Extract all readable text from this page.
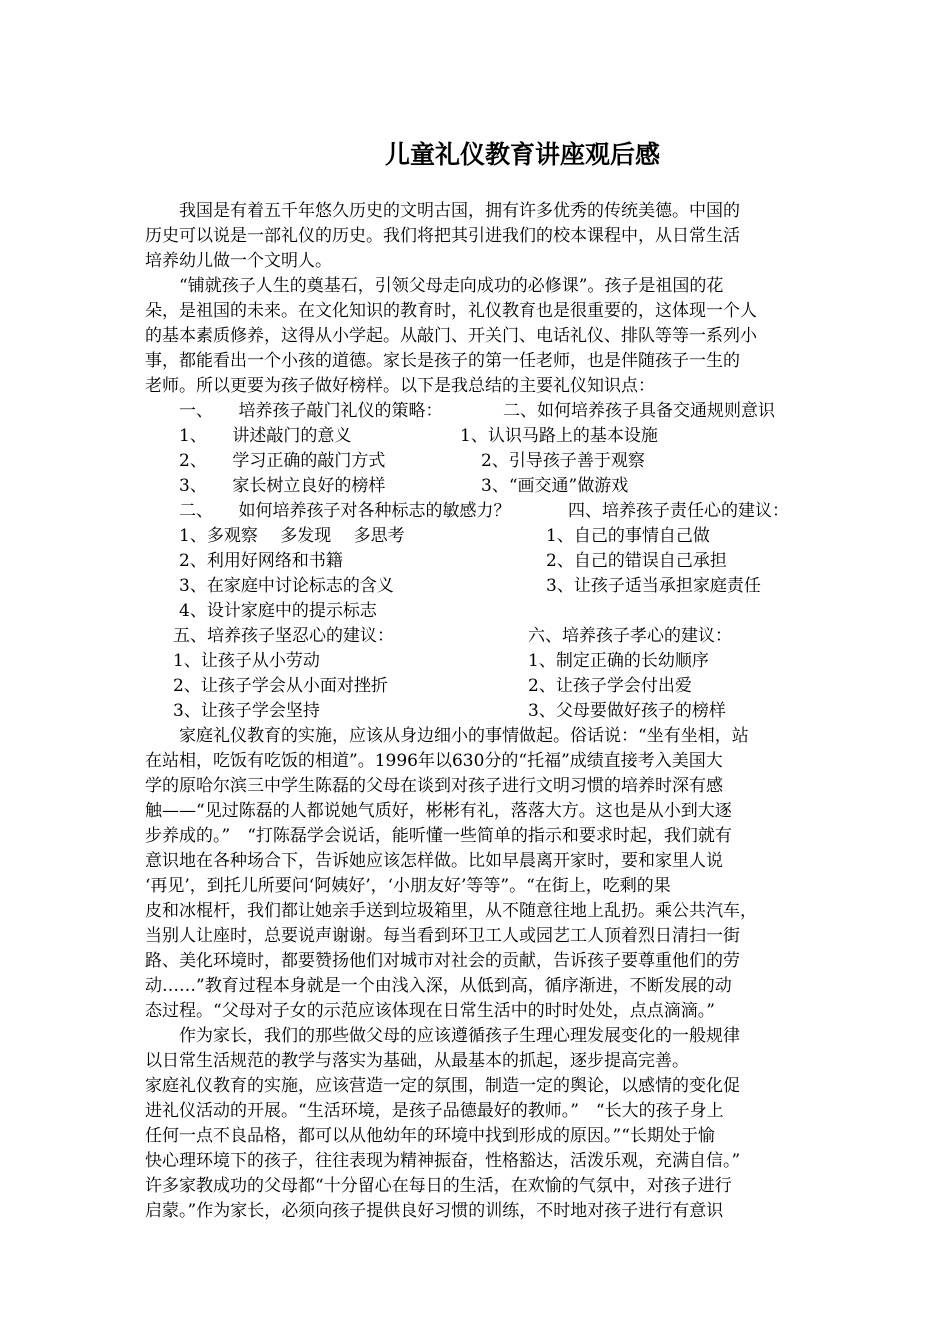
儿童礼仪教育讲座观后感
我国是有着五千年悠久历史的文明古国，拥有许多优秀的传统美德。中国的
历史可以说是一部礼仪的历史。我们将把其引进我们的校本课程中，从日常生活
培养幼儿做一个文明人。
“铺就孩子人生的奠基石，引领父母走向成功的必修课”。孩子是祖国的花
朵，是祖国的未来。在文化知识的教育时，礼仪教育也是很重要的，这体现一个人
的基本素质修养，这得从小学起。从敲门、开关门、电话礼仪、排队等等一系列小
事，都能看出一个小孩的道德。家长是孩子的第一任老师，也是伴随孩子一生的
老师。所以更要为孩子做好榜样。以下是我总结的主要礼仪知识点：
一、　　培养孩子敲门礼仪的策略：	二、如何培养孩子具备交通规则意识
1、　　讲述敲门的意义	1、认识马路上的基本设施
2、　　学习正确的敲门方式	2、引导孩子善于观察
3、　　家长树立良好的榜样	3、“画交通”做游戏
二、　　如何培养孩子对各种标志的敏感力？	四、培养孩子责任心的建议：
1、多观察　 多发现　 多思考	1、自己的事情自己做
2、利用好网络和书籍	2、自己的错误自己承担
3、在家庭中讨论标志的含义	3、让孩子适当承担家庭责任
4、设计家庭中的提示标志
五、培养孩子坚忍心的建议：	六、培养孩子孝心的建议：
1、让孩子从小劳动	1、制定正确的长幼顺序
2、让孩子学会从小面对挫折	2、让孩子学会付出爱
3、让孩子学会坚持	3、父母要做好孩子的榜样
家庭礼仪教育的实施，应该从身边细小的事情做起。俗话说：“坐有坐相，站
在站相，吃饭有吃饭的相道”。1996年以630分的“托福”成绩直接考入美国大
学的原哈尔滨三中学生陈磊的父母在谈到对孩子进行文明习惯的培养时深有感
触——“见过陈磊的人都说她气质好，彬彬有礼，落落大方。这也是从小到大逐
步养成的。”　“打陈磊学会说话，能听懂一些简单的指示和要求时起，我们就有
意识地在各种场合下，告诉她应该怎样做。比如早晨离开家时，要和家里人说
‘再见’，到托儿所要问‘阿姨好’，‘小朋友好’等等”。“在街上，吃剩的果
皮和冰棍杆，我们都让她亲手送到垃圾箱里，从不随意往地上乱扔。乘公共汽车，
当别人让座时，总要说声谢谢。每当看到环卫工人或园艺工人顶着烈日清扫一街
路、美化环境时，都要赞扬他们对城市对社会的贡献，告诉孩子要尊重他们的劳
动……”教育过程本身就是一个由浅入深，从低到高，循序渐进，不断发展的动
态过程。“父母对子女的示范应该体现在日常生活中的时时处处，点点滴滴。”
作为家长，我们的那些做父母的应该遵循孩子生理心理发展变化的一般规律
以日常生活规范的教学与落实为基础，从最基本的抓起，逐步提高完善。
家庭礼仪教育的实施，应该营造一定的氛围，制造一定的舆论，以感情的变化促
进礼仪活动的开展。“生活环境，是孩子品德最好的教师。”　“长大的孩子身上
任何一点不良品格，都可以从他幼年的环境中找到形成的原因。”“长期处于愉
快心理环境下的孩子，往往表现为精神振奋，性格豁达，活泼乐观，充满自信。”
许多家教成功的父母都“十分留心在每日的生活，在欢愉的气氛中，对孩子进行
启蒙。”作为家长，必须向孩子提供良好习惯的训练，不时地对孩子进行有意识
